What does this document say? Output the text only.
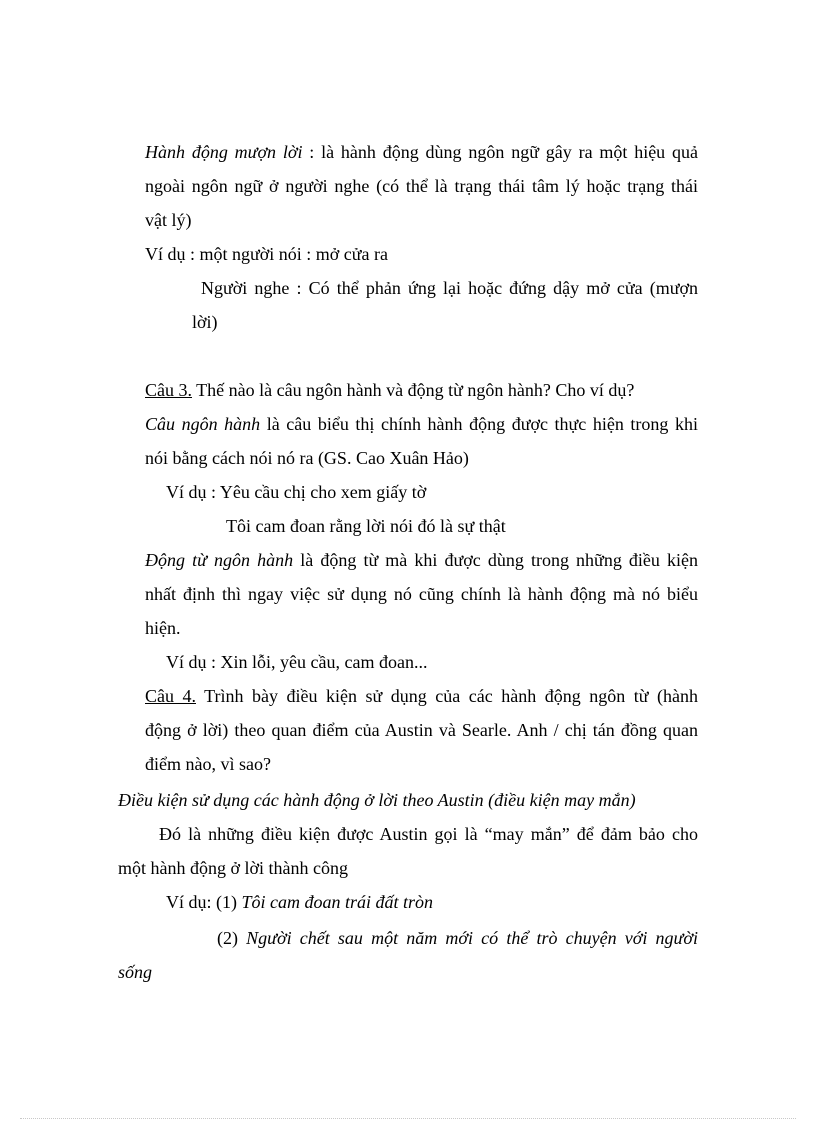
Hành động mượn lời : là hành động dùng ngôn ngữ gây ra một hiệu quả
ngoài ngôn ngữ ở người nghe (có thể là trạng thái tâm lý hoặc trạng thái
vật lý)
Ví dụ : một người nói : mở cửa ra
Người nghe : Có thể phản ứng lại hoặc đứng dậy mở cửa (mượn
lời)
Câu 3. Thế nào là câu ngôn hành và động từ ngôn hành? Cho ví dụ?
Câu ngôn hành là câu biểu thị chính hành động được thực hiện trong khi
nói bằng cách nói nó ra (GS. Cao Xuân Hảo)
Ví dụ : Yêu cầu chị cho xem giấy tờ
Tôi cam đoan rằng lời nói đó là sự thật
Động từ ngôn hành là động từ mà khi được dùng trong những điều kiện
nhất định thì ngay việc sử dụng nó cũng chính là hành động mà nó biểu
hiện.
Ví dụ : Xin lỗi, yêu cầu, cam đoan...
Câu 4. Trình bày điều kiện sử dụng của các hành động ngôn từ (hành
động ở lời) theo quan điểm của Austin và Searle. Anh / chị tán đồng quan
điểm nào, vì sao?
Điều kiện sử dụng các hành động ở lời theo Austin (điều kiện may mắn)
Đó là những điều kiện được Austin gọi là “may mắn” để đảm bảo cho
một hành động ở lời thành công
Ví dụ: (1) Tôi cam đoan trái đất tròn
(2) Người chết sau một năm mới có thể trò chuyện với người
sống
